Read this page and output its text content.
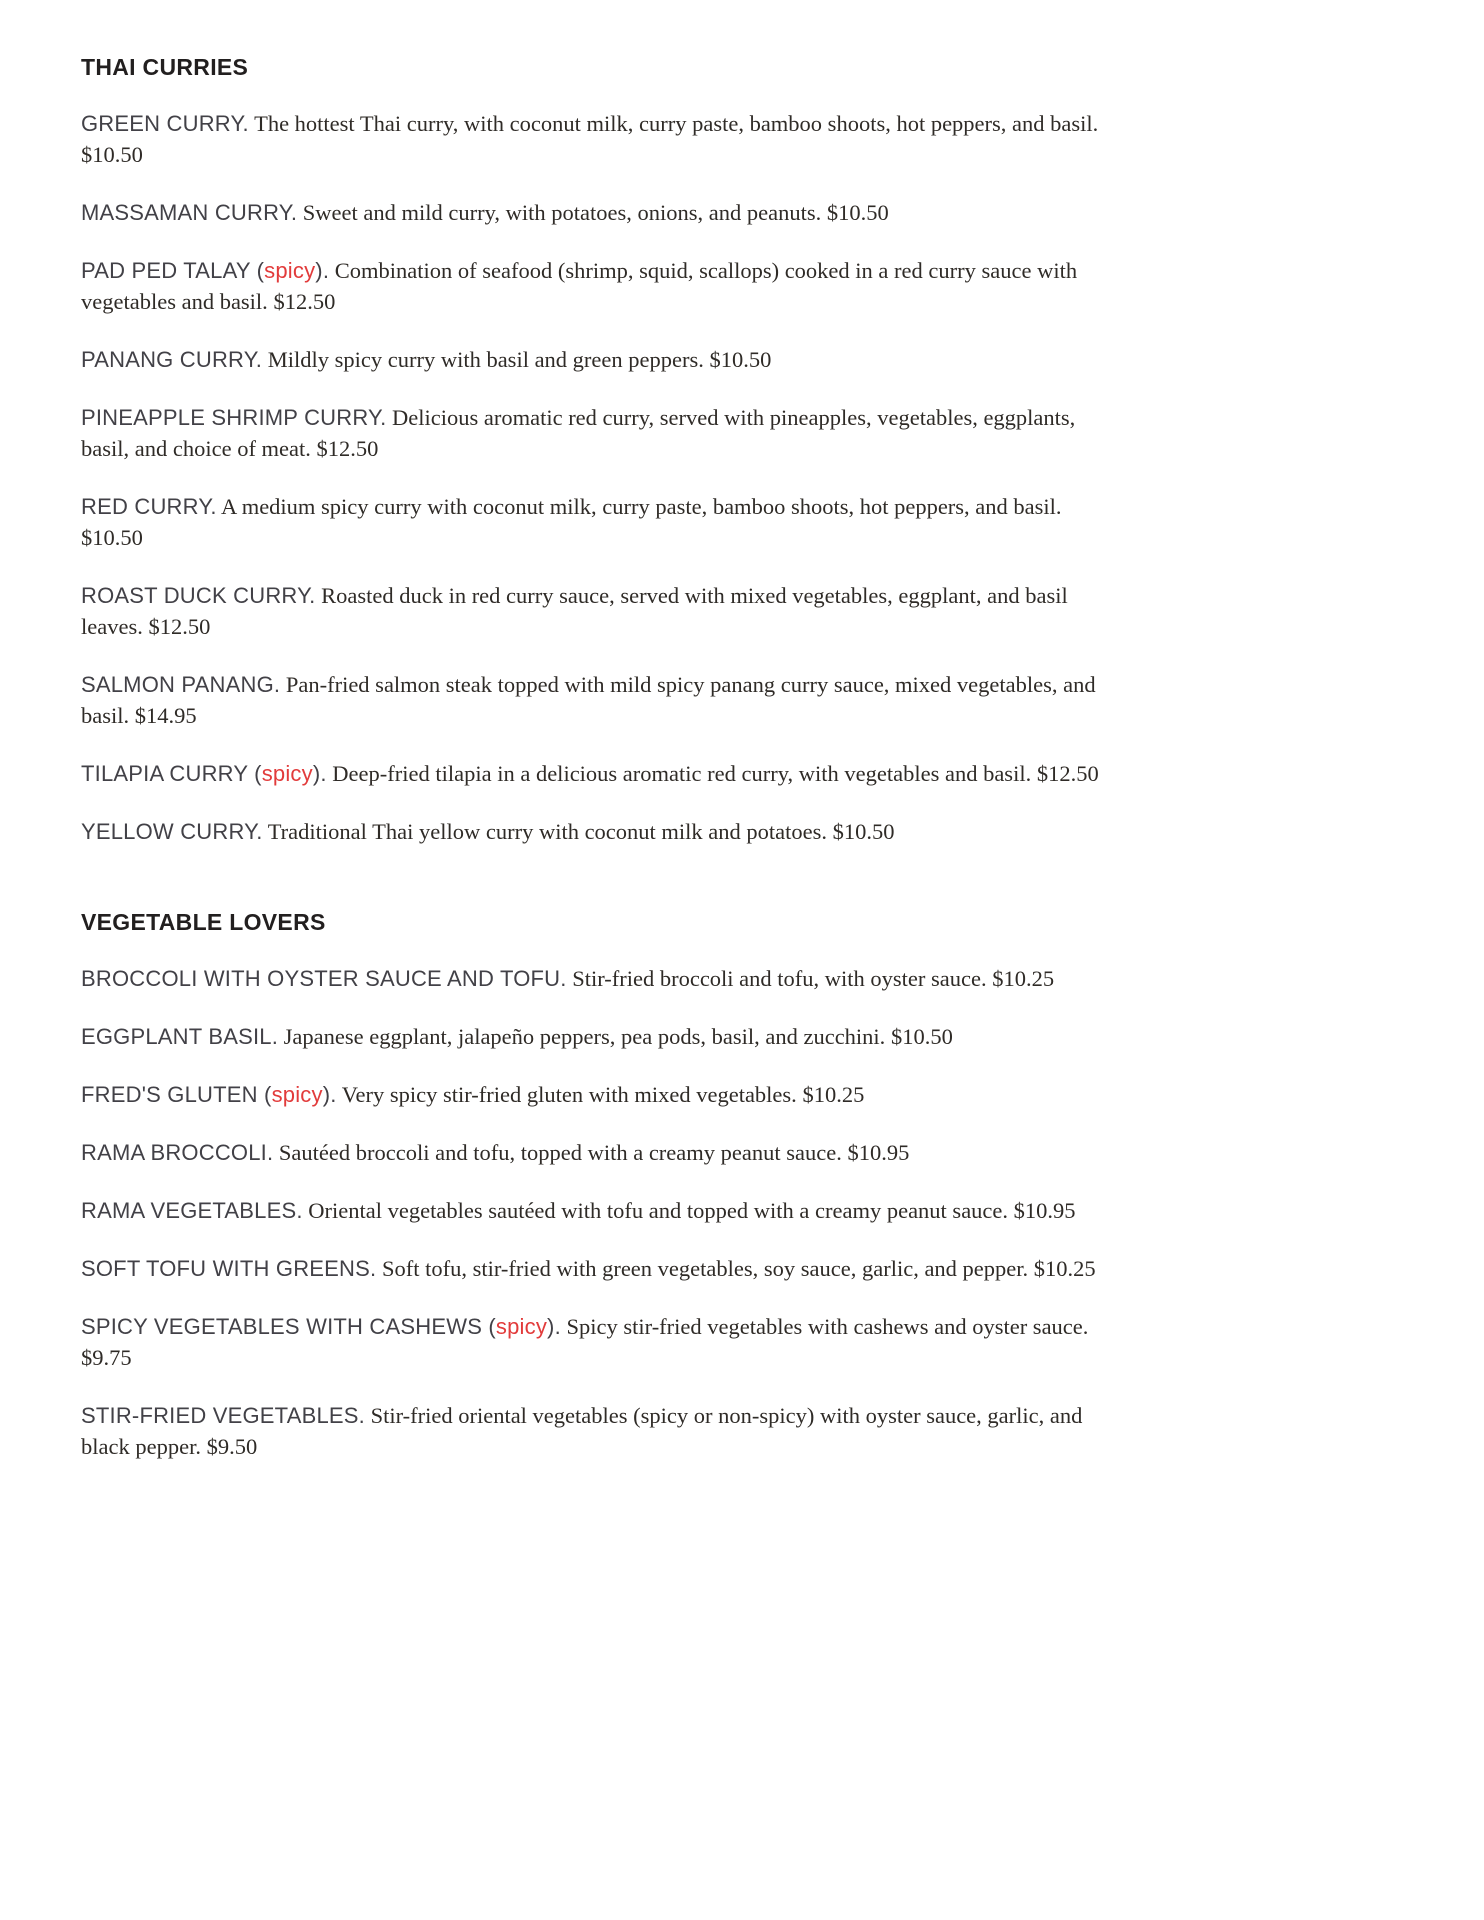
THAI CURRIES

GREEN CURRY. The hottest Thai curry, with coconut milk, curry paste, bamboo shoots, hot peppers, and basil. $10.50

MASSAMAN CURRY. Sweet and mild curry, with potatoes, onions, and peanuts. $10.50

PAD PED TALAY (spicy). Combination of seafood (shrimp, squid, scallops) cooked in a red curry sauce with vegetables and basil. $12.50

PANANG CURRY. Mildly spicy curry with basil and green peppers. $10.50

PINEAPPLE SHRIMP CURRY. Delicious aromatic red curry, served with pineapples, vegetables, eggplants, basil, and choice of meat. $12.50

RED CURRY. A medium spicy curry with coconut milk, curry paste, bamboo shoots, hot peppers, and basil. $10.50

ROAST DUCK CURRY. Roasted duck in red curry sauce, served with mixed vegetables, eggplant, and basil leaves. $12.50

SALMON PANANG. Pan-fried salmon steak topped with mild spicy panang curry sauce, mixed vegetables, and basil. $14.95

TILAPIA CURRY (spicy). Deep-fried tilapia in a delicious aromatic red curry, with vegetables and basil. $12.50

YELLOW CURRY. Traditional Thai yellow curry with coconut milk and potatoes. $10.50

VEGETABLE LOVERS

BROCCOLI WITH OYSTER SAUCE AND TOFU. Stir-fried broccoli and tofu, with oyster sauce. $10.25

EGGPLANT BASIL. Japanese eggplant, jalapeño peppers, pea pods, basil, and zucchini. $10.50

FRED'S GLUTEN (spicy). Very spicy stir-fried gluten with mixed vegetables. $10.25

RAMA BROCCOLI. Sautéed broccoli and tofu, topped with a creamy peanut sauce. $10.95

RAMA VEGETABLES. Oriental vegetables sautéed with tofu and topped with a creamy peanut sauce. $10.95

SOFT TOFU WITH GREENS. Soft tofu, stir-fried with green vegetables, soy sauce, garlic, and pepper. $10.25

SPICY VEGETABLES WITH CASHEWS (spicy). Spicy stir-fried vegetables with cashews and oyster sauce. $9.75

STIR-FRIED VEGETABLES. Stir-fried oriental vegetables (spicy or non-spicy) with oyster sauce, garlic, and black pepper. $9.50
